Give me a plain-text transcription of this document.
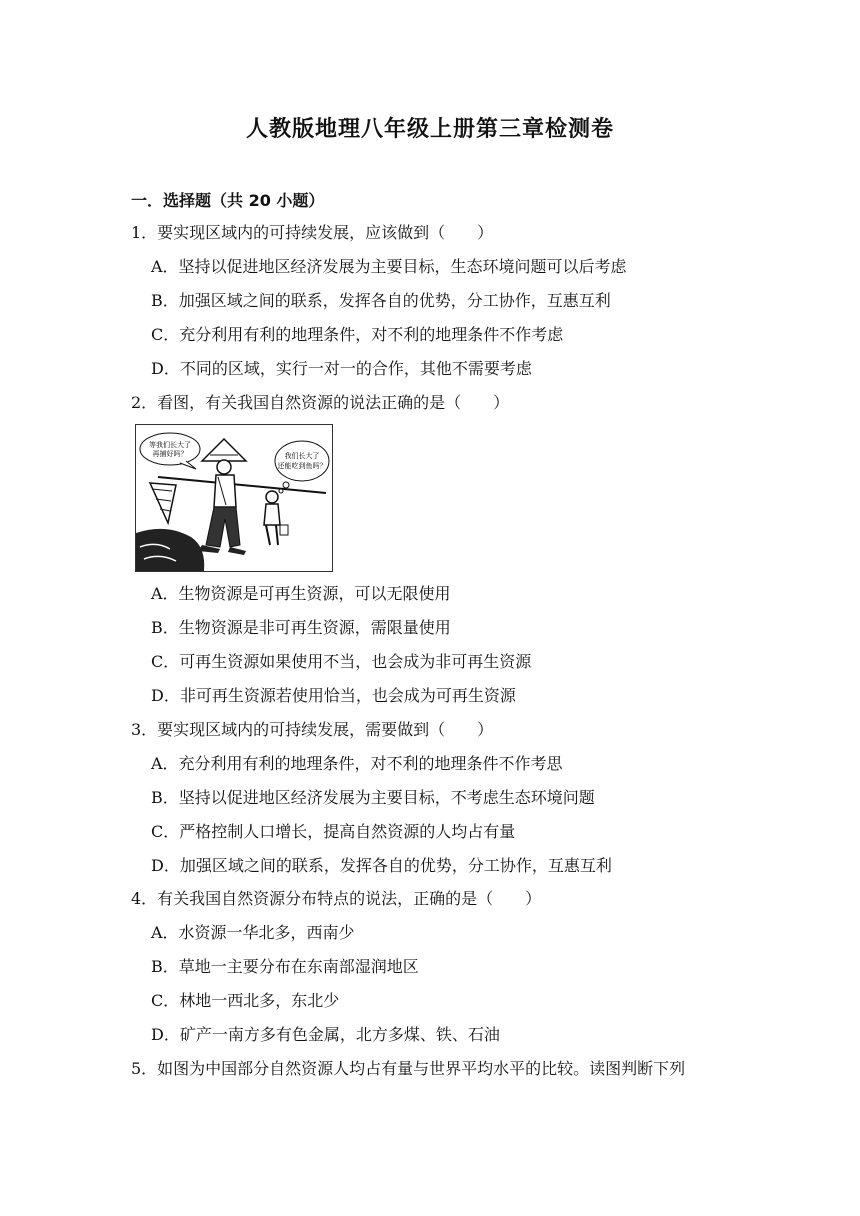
人教版地理八年级上册第三章检测卷
一．选择题（共 20 小题）
1．要实现区域内的可持续发展，应该做到（　　）
A．坚持以促进地区经济发展为主要目标，生态环境问题可以后考虑
B．加强区域之间的联系，发挥各自的优势，分工协作，互惠互利
C．充分利用有利的地理条件，对不利的地理条件不作考虑
D．不同的区域，实行一对一的合作，其他不需要考虑
2．看图，有关我国自然资源的说法正确的是（　　）
等我们长大了
再捕好吗？	我们长大了
还能吃到鱼吗？
A．生物资源是可再生资源，可以无限使用
B．生物资源是非可再生资源，需限量使用
C．可再生资源如果使用不当，也会成为非可再生资源
D．非可再生资源若使用恰当，也会成为可再生资源
3．要实现区域内的可持续发展，需要做到（　　）
A．充分利用有利的地理条件，对不利的地理条件不作考思
B．坚持以促进地区经济发展为主要目标，不考虑生态环境问题
C．严格控制人口增长，提高自然资源的人均占有量
D．加强区域之间的联系，发挥各自的优势，分工协作，互惠互利
4．有关我国自然资源分布特点的说法，正确的是（　　）
A．水资源一华北多，西南少
B．草地一主要分布在东南部湿润地区
C．林地一西北多，东北少
D．矿产一南方多有色金属，北方多煤、铁、石油
5．如图为中国部分自然资源人均占有量与世界平均水平的比较。读图判断下列
